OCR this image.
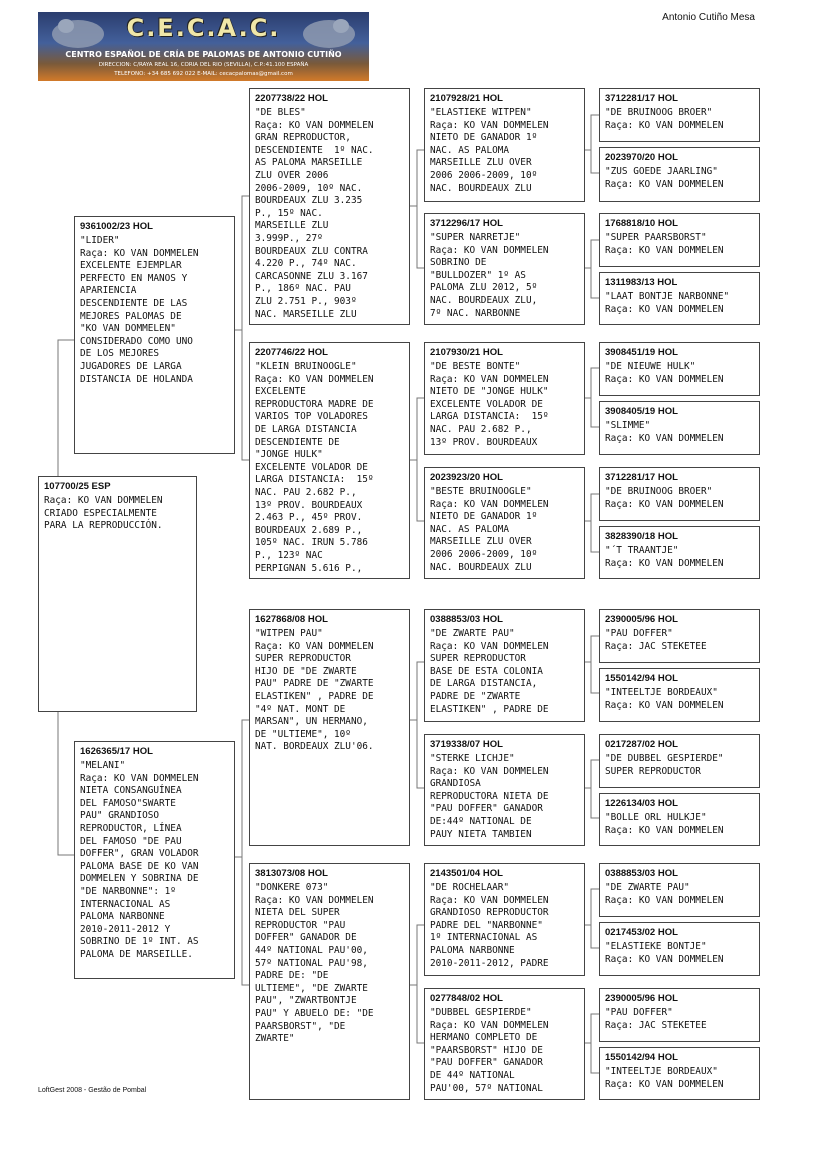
C.E.C.A.C.
CENTRO ESPAÑOL DE CRÍA DE PALOMAS DE ANTONIO CUTIÑO
DIRECCION: C/RAYA REAL 16, CORIA DEL RIO (SEVILLA), C.P.:41.100 ESPAÑA
TELEFONO: +34 685 692 022 E-MAIL: cecacpalomas@gmail.com
Antonio Cutiño Mesa
107700/25 ESP
Raça: KO VAN DOMMELEN
CRIADO ESPECIALMENTE
PARA LA REPRODUCCIÓN.
9361002/23 HOL
"LIDER"
Raça: KO VAN DOMMELEN
EXCELENTE EJEMPLAR
PERFECTO EN MANOS Y
APARIENCIA
DESCENDIENTE DE LAS
MEJORES PALOMAS DE
"KO VAN DOMMELEN"
CONSIDERADO COMO UNO
DE LOS MEJORES
JUGADORES DE LARGA
DISTANCIA DE HOLANDA
1626365/17 HOL
"MELANI"
Raça: KO VAN DOMMELEN
NIETA CONSANGUÍNEA
DEL FAMOSO"SWARTE
PAU" GRANDIOSO
REPRODUCTOR, LÍNEA
DEL FAMOSO "DE PAU
DOFFER", GRAN VOLADOR
PALOMA BASE DE KO VAN
DOMMELEN Y SOBRINA DE
"DE NARBONNE": 1º
INTERNACIONAL AS
PALOMA NARBONNE
2010-2011-2012 Y
SOBRINO DE 1º INT. AS
PALOMA DE MARSEILLE.
2207738/22 HOL
"DE BLES"
Raça: KO VAN DOMMELEN
GRAN REPRODUCTOR,
DESCENDIENTE  1º NAC.
AS PALOMA MARSEILLE
ZLU OVER 2006
2006-2009, 10º NAC.
BOURDEAUX ZLU 3.235
P., 15º NAC.
MARSEILLE ZLU
3.999P., 27º
BOURDEAUX ZLU CONTRA
4.220 P., 74º NAC.
CARCASONNE ZLU 3.167
P., 186º NAC. PAU
ZLU 2.751 P., 903º
NAC. MARSEILLE ZLU
2207746/22 HOL
"KLEIN BRUINOOGLE"
Raça: KO VAN DOMMELEN
EXCELENTE
REPRODUCTORA MADRE DE
VARIOS TOP VOLADORES
DE LARGA DISTANCIA
DESCENDIENTE DE
"JONGE HULK"
EXCELENTE VOLADOR DE
LARGA DISTANCIA:  15º
NAC. PAU 2.682 P.,
13º PROV. BOURDEAUX
2.463 P., 45º PROV.
BOURDEAUX 2.689 P.,
105º NAC. IRUN 5.786
P., 123º NAC
PERPIGNAN 5.616 P.,
1627868/08 HOL
"WITPEN PAU"
Raça: KO VAN DOMMELEN
SUPER REPRODUCTOR
HIJO DE "DE ZWARTE
PAU" PADRE DE "ZWARTE
ELASTIKEN" , PADRE DE
"4º NAT. MONT DE
MARSAN", UN HERMANO,
DE "ULTIEME", 10º
NAT. BORDEAUX ZLU'06.
3813073/08 HOL
"DONKERE 073"
Raça: KO VAN DOMMELEN
NIETA DEL SUPER
REPRODUCTOR "PAU
DOFFER" GANADOR DE
44º NATIONAL PAU'00,
57º NATIONAL PAU'98,
PADRE DE: "DE
ULTIEME", "DE ZWARTE
PAU", "ZWARTBONTJE
PAU" Y ABUELO DE: "DE
PAARSBORST", "DE
ZWARTE"
2107928/21 HOL
"ELASTIEKE WITPEN"
Raça: KO VAN DOMMELEN
NIETO DE GANADOR 1º
NAC. AS PALOMA
MARSEILLE ZLU OVER
2006 2006-2009, 10º
NAC. BOURDEAUX ZLU
3712296/17 HOL
"SUPER NARRETJE"
Raça: KO VAN DOMMELEN
SOBRINO DE
"BULLDOZER" 1º AS
PALOMA ZLU 2012, 5º
NAC. BOURDEAUX ZLU,
7º NAC. NARBONNE
2107930/21 HOL
"DE BESTE BONTE"
Raça: KO VAN DOMMELEN
NIETO DE "JONGE HULK"
EXCELENTE VOLADOR DE
LARGA DISTANCIA:  15º
NAC. PAU 2.682 P.,
13º PROV. BOURDEAUX
2023923/20 HOL
"BESTE BRUINOOGLE"
Raça: KO VAN DOMMELEN
NIETO DE GANADOR 1º
NAC. AS PALOMA
MARSEILLE ZLU OVER
2006 2006-2009, 10º
NAC. BOURDEAUX ZLU
0388853/03 HOL
"DE ZWARTE PAU"
Raça: KO VAN DOMMELEN
SUPER REPRODUCTOR
BASE DE ESTA COLONIA
DE LARGA DISTANCIA,
PADRE DE "ZWARTE
ELASTIKEN" , PADRE DE
3719338/07 HOL
"STERKE LICHJE"
Raça: KO VAN DOMMELEN
GRANDIOSA
REPRODUCTORA NIETA DE
"PAU DOFFER" GANADOR
DE:44º NATIONAL DE
PAUY NIETA TAMBIEN
2143501/04 HOL
"DE ROCHELAAR"
Raça: KO VAN DOMMELEN
GRANDIOSO REPRODUCTOR
PADRE DEL "NARBONNE"
1º INTERNACIONAL AS
PALOMA NARBONNE
2010-2011-2012, PADRE
0277848/02 HOL
"DUBBEL GESPIERDE"
Raça: KO VAN DOMMELEN
HERMANO COMPLETO DE
"PAARSBORST" HIJO DE
"PAU DOFFER" GANADOR
DE 44º NATIONAL
PAU'00, 57º NATIONAL
3712281/17 HOL
"DE BRUINOOG BROER"
Raça: KO VAN DOMMELEN
2023970/20 HOL
"ZUS GOEDE JAARLING"
Raça: KO VAN DOMMELEN
1768818/10 HOL
"SUPER PAARSBORST"
Raça: KO VAN DOMMELEN
1311983/13 HOL
"LAAT BONTJE NARBONNE"
Raça: KO VAN DOMMELEN
3908451/19 HOL
"DE NIEUWE HULK"
Raça: KO VAN DOMMELEN
3908405/19 HOL
"SLIMME"
Raça: KO VAN DOMMELEN
3712281/17 HOL
"DE BRUINOOG BROER"
Raça: KO VAN DOMMELEN
3828390/18 HOL
"´T TRAANTJE"
Raça: KO VAN DOMMELEN
2390005/96 HOL
"PAU DOFFER"
Raça: JAC STEKETEE
1550142/94 HOL
"INTEELTJE BORDEAUX"
Raça: KO VAN DOMMELEN
0217287/02 HOL
"DE DUBBEL GESPIERDE"
SUPER REPRODUCTOR
1226134/03 HOL
"BOLLE ORL HULKJE"
Raça: KO VAN DOMMELEN
0388853/03 HOL
"DE ZWARTE PAU"
Raça: KO VAN DOMMELEN
0217453/02 HOL
"ELASTIEKE BONTJE"
Raça: KO VAN DOMMELEN
2390005/96 HOL
"PAU DOFFER"
Raça: JAC STEKETEE
1550142/94 HOL
"INTEELTJE BORDEAUX"
Raça: KO VAN DOMMELEN
LoftGest 2008 - Gestão de Pombal
